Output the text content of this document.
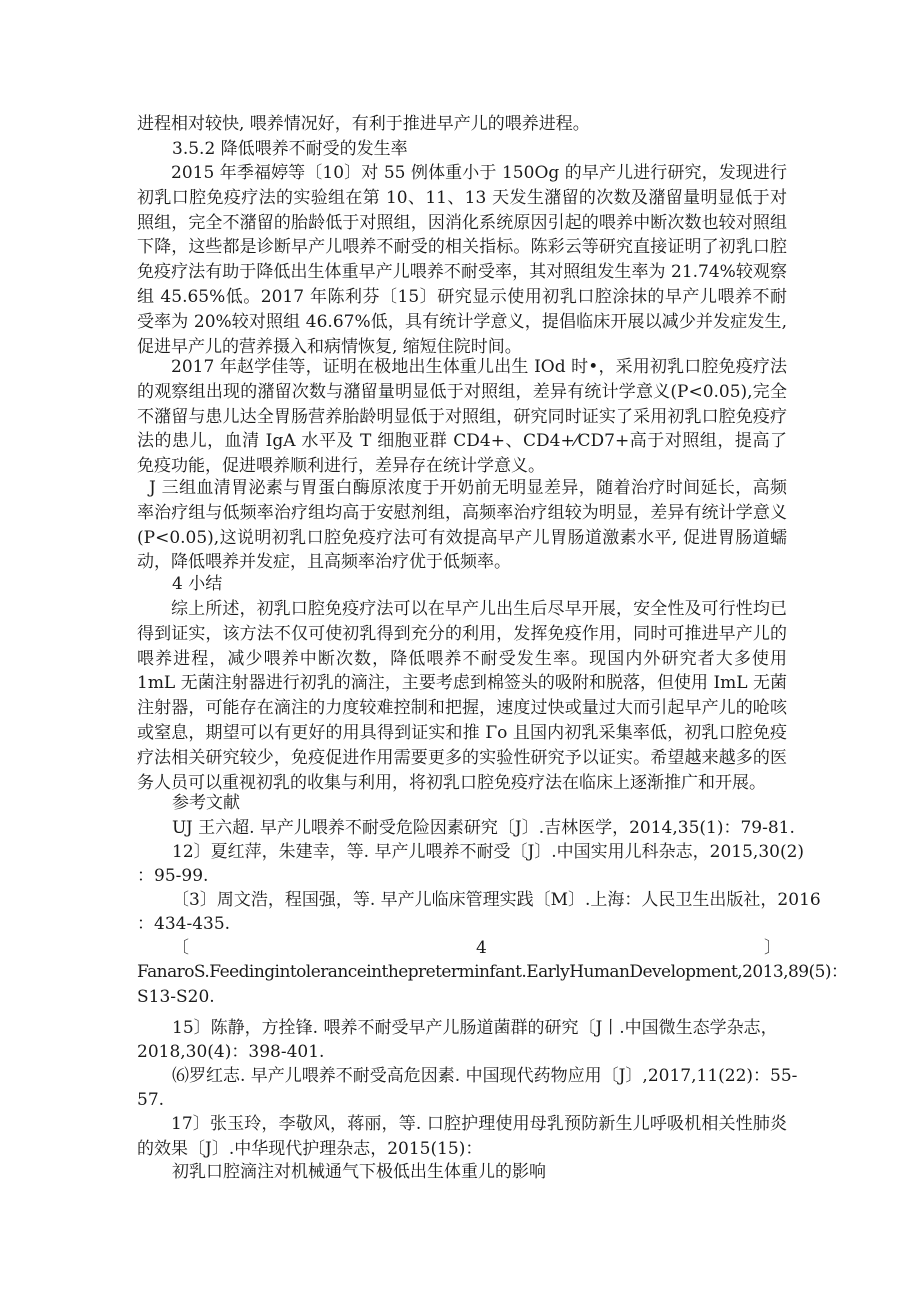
进程相对较快, 喂养情况好，有利于推进早产儿的喂养进程。

3.5.2 降低喂养不耐受的发生率

2015 年季福婷等〔10〕对 55 例体重小于 150Og 的早产儿进行研究，发现进行初乳口腔免疫疗法的实验组在第 10、11、13 天发生潴留的次数及潴留量明显低于对照组，完全不潴留的胎龄低于对照组，因消化系统原因引起的喂养中断次数也较对照组下降，这些都是诊断早产儿喂养不耐受的相关指标。陈彩云等研究直接证明了初乳口腔免疫疗法有助于降低出生体重早产儿喂养不耐受率，其对照组发生率为 21.74%较观察组 45.65%低。2017 年陈利芬〔15〕研究显示使用初乳口腔涂抹的早产儿喂养不耐受率为 20%较对照组 46.67%低，具有统计学意义，提倡临床开展以减少并发症发生, 促进早产儿的营养摄入和病情恢复, 缩短住院时间。

2017 年赵学佳等，证明在极地出生体重儿出生 IOd 时•，采用初乳口腔免疫疗法的观察组出现的潴留次数与潴留量明显低于对照组，差异有统计学意义(P<0.05),完全不潴留与患儿达全胃肠营养胎龄明显低于对照组，研究同时证实了采用初乳口腔免疫疗法的患儿，血清 IgA 水平及 T 细胞亚群 CD4+、CD4+⁄CD7+高于对照组，提高了免疫功能，促进喂养顺利进行，差异存在统计学意义。

J 三组血清胃泌素与胃蛋白酶原浓度于开奶前无明显差异，随着治疗时间延长，高频率治疗组与低频率治疗组均高于安慰剂组，高频率治疗组较为明显，差异有统计学意义(P<0.05),这说明初乳口腔免疫疗法可有效提高早产儿胃肠道激素水平, 促进胃肠道蠕动，降低喂养并发症，且高频率治疗优于低频率。

4 小结

综上所述，初乳口腔免疫疗法可以在早产儿出生后尽早开展，安全性及可行性均已得到证实，该方法不仅可使初乳得到充分的利用，发挥免疫作用，同时可推进早产儿的喂养进程，减少喂养中断次数，降低喂养不耐受发生率。现国内外研究者大多使用 1mL 无菌注射器进行初乳的滴注，主要考虑到棉签头的吸附和脱落，但使用 ImL 无菌注射器，可能存在滴注的力度较难控制和把握，速度过快或量过大而引起早产儿的呛咳或窒息，期望可以有更好的用具得到证实和推 Γo 且国内初乳采集率低，初乳口腔免疫疗法相关研究较少，免疫促进作用需要更多的实验性研究予以证实。希望越来越多的医务人员可以重视初乳的收集与利用，将初乳口腔免疫疗法在临床上逐渐推广和开展。

参考文献

UJ 王六超. 早产儿喂养不耐受危险因素研究〔J〕.吉林医学，2014,35(1)：79-81.

12〕夏红萍，朱建幸，等. 早产儿喂养不耐受〔J〕.中国实用儿科杂志，2015,30(2)

：95-99.

〔3〕周文浩，程国强，等. 早产儿临床管理实践〔M〕.上海：人民卫生出版社，2016

：434-435.

〔	4	〕

FanaroS.Feedingintoleranceinthepreterminfant.EarlyHumanDevelopment,2013,89(5)：

S13-S20.

15〕陈静，方拴锋. 喂养不耐受早产儿肠道菌群的研究〔J丨.中国微生态学杂志，

2018,30(4)：398-401.

⑹罗红志. 早产儿喂养不耐受高危因素. 中国现代药物应用〔J〕,2017,11(22)：55-

57.

17〕张玉玲，李敬风，蒋丽，等. 口腔护理使用母乳预防新生儿呼吸机相关性肺炎的效果〔J〕.中华现代护理杂志，2015(15)：

初乳口腔滴注对机械通气下极低出生体重儿的影响
